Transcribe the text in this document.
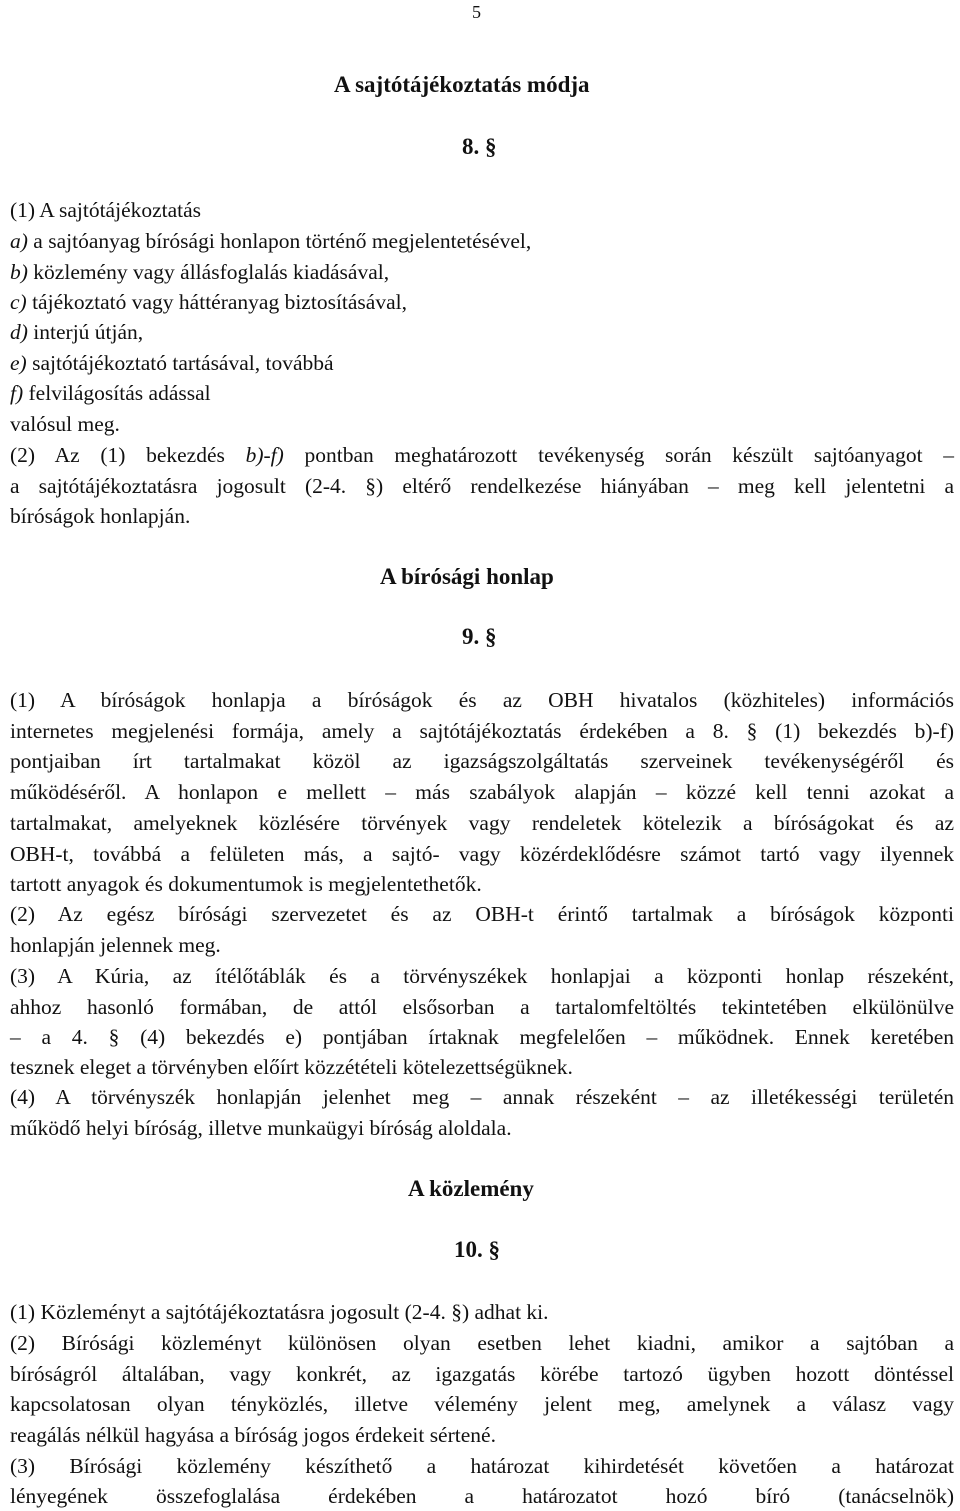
5
A sajtótájékoztatás módja
8. §
(1) A sajtótájékoztatás
a) a sajtóanyag bírósági honlapon történő megjelentetésével,
b) közlemény vagy állásfoglalás kiadásával,
c) tájékoztató vagy háttéranyag biztosításával,
d) interjú útján,
e) sajtótájékoztató tartásával, továbbá
f) felvilágosítás adással
valósul meg.
(2) Az (1) bekezdés b)-f) pontban meghatározott tevékenység során készült sajtóanyagot –
a sajtótájékoztatásra jogosult (2-4. §) eltérő rendelkezése hiányában – meg kell jelentetni a
bíróságok honlapján.
A bírósági honlap
9. §
(1) A bíróságok honlapja a bíróságok és az OBH hivatalos (közhiteles) információs
internetes megjelenési formája, amely a sajtótájékoztatás érdekében a 8. § (1) bekezdés b)-f)
pontjaiban írt tartalmakat közöl az igazságszolgáltatás szerveinek tevékenységéről és
működéséről. A honlapon e mellett – más szabályok alapján – közzé kell tenni azokat a
tartalmakat, amelyeknek közlésére törvények vagy rendeletek kötelezik a bíróságokat és az
OBH-t, továbbá a felületen más, a sajtó- vagy közérdeklődésre számot tartó vagy ilyennek
tartott anyagok és dokumentumok is megjelentethetők.
(2) Az egész bírósági szervezetet és az OBH-t érintő tartalmak a bíróságok központi
honlapján jelennek meg.
(3) A Kúria, az ítélőtáblák és a törvényszékek honlapjai a központi honlap részeként,
ahhoz hasonló formában, de attól elsősorban a tartalomfeltöltés tekintetében elkülönülve
– a 4. § (4) bekezdés e) pontjában írtaknak megfelelően – működnek. Ennek keretében
tesznek eleget a törvényben előírt közzétételi kötelezettségüknek.
(4) A törvényszék honlapján jelenhet meg – annak részeként – az illetékességi területén
működő helyi bíróság, illetve munkaügyi bíróság aloldala.
A közlemény
10. §
(1) Közleményt a sajtótájékoztatásra jogosult (2-4. §) adhat ki.
(2) Bírósági közleményt különösen olyan esetben lehet kiadni, amikor a sajtóban a
bíróságról általában, vagy konkrét, az igazgatás körébe tartozó ügyben hozott döntéssel
kapcsolatosan olyan tényközlés, illetve vélemény jelent meg, amelynek a válasz vagy
reagálás nélkül hagyása a bíróság jogos érdekeit sértené.
(3) Bírósági közlemény készíthető a határozat kihirdetését követően a határozat
lényegének összefoglalása érdekében a határozatot hozó bíró (tanácselnök)
